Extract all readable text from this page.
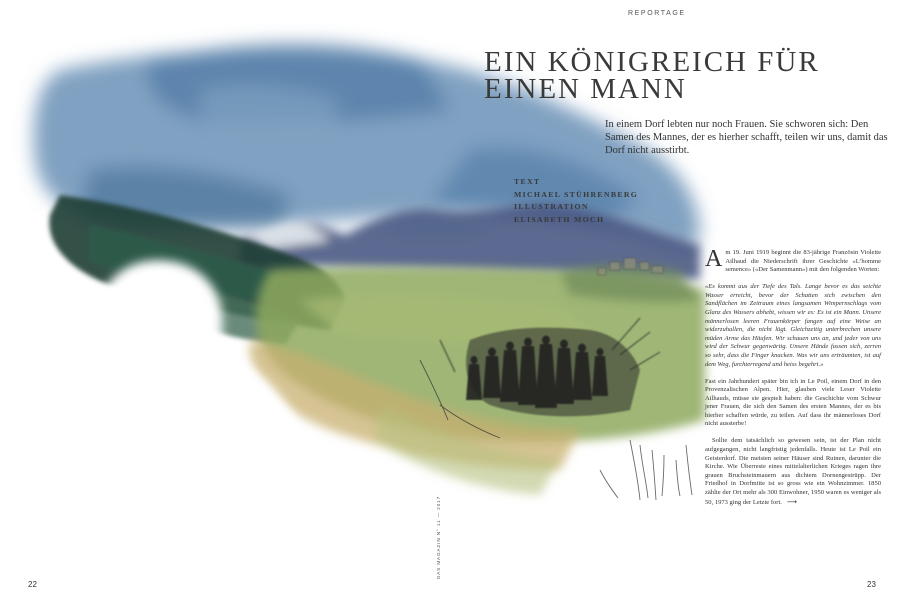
REPORTAGE
EIN KÖNIGREICH FÜR
EINEN MANN
In einem Dorf lebten nur noch Frauen. Sie schworen sich: Den Samen des Mannes, der es hierher schafft, teilen wir uns, damit das Dorf nicht ausstirbt.
TEXT
MICHAEL STÜHRENBERG
ILLUSTRATION
ELISABETH MOCH

Am 19. Juni 1919 beginnt die 83-jährige Französin Violette Ailhaud die Niederschrift ihrer Geschichte «L’homme semence» («Der Samenmann») mit den folgenden Worten:

«Es kommt aus der Tiefe des Tals. Lange bevor es das seichte Wasser erreicht, bevor der Schatten sich zwischen den Sandflächen im Zeitraum eines langsamen Wimpernschlags vom Glanz des Wassers abhebt, wissen wir es: Es ist ein Mann. Unsere männerlosen leeren Frauenkörper fangen auf eine Weise an widerzuhallen, die nicht lügt. Gleichzeitig unterbrechen unsere müden Arme das Häufen. Wir schauen uns an, und jeder von uns wird der Schwur gegenwärtig. Unsere Hände fassen sich, zerren so sehr, dass die Finger knacken. Was wir uns erträumten, ist auf dem Weg, furchterregend und heiss begehrt.»

Fast ein Jahrhundert später bin ich in Le Poil, einem Dorf in den Provenzalischen Alpen. Hier, glauben viele Leser Violette Ailhauds, müsse sie gespielt haben: die Geschichte vom Schwur jener Frauen, die sich den Samen des ersten Mannes, der es bis hierher schaffen würde, zu teilen. Auf dass ihr männerloses Dorf nicht aussterbe!

Sollte dem tatsächlich so gewesen sein, ist der Plan nicht aufgegangen, nicht langfristig jedenfalls. Heute ist Le Poil ein Geisterdorf. Die meisten seiner Häuser sind Ruinen, darunter die Kirche. Wie Überreste eines mittelalterlichen Krieges ragen ihre grauen Bruchsteinmauern aus dichtem Dornengestrüpp. Der Friedhof in Dorfmitte ist so gross wie ein Wohnzimmer. 1850 zählte der Ort mehr als 300 Einwohner, 1950 waren es weniger als 50, 1973 ging der Letzte fort. ⟶

22	23
DAS MAGAZIN N° 11 — 2017
